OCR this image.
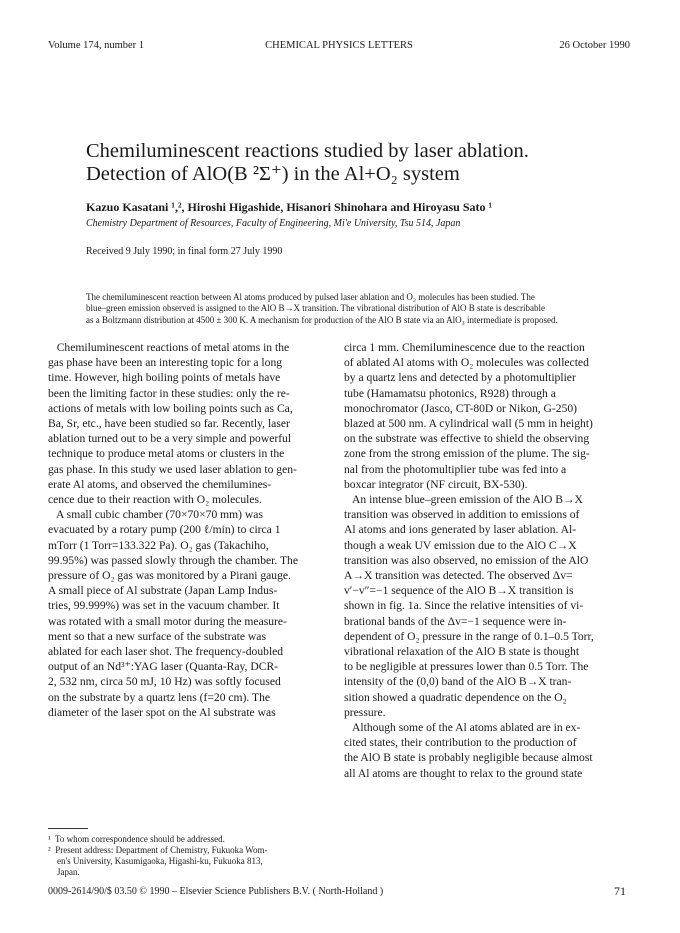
Volume 174, number 1	CHEMICAL PHYSICS LETTERS	26 October 1990
Chemiluminescent reactions studied by laser ablation.
Detection of AlO(B ²Σ⁺) in the Al+O₂ system
Kazuo Kasatani ¹,², Hiroshi Higashide, Hisanori Shinohara and Hiroyasu Sato ¹
Chemistry Department of Resources, Faculty of Engineering, Mi'e University, Tsu 514, Japan
Received 9 July 1990; in final form 27 July 1990
The chemiluminescent reaction between Al atoms produced by pulsed laser ablation and O₂ molecules has been studied. The
blue–green emission observed is assigned to the AlO B→X transition. The vibrational distribution of AlO B state is describable
as a Boltzmann distribution at 4500 ± 300 K. A mechanism for production of the AlO B state via an AlO₃ intermediate is proposed.
Chemiluminescent reactions of metal atoms in the
gas phase have been an interesting topic for a long
time. However, high boiling points of metals have
been the limiting factor in these studies: only the re-
actions of metals with low boiling points such as Ca,
Ba, Sr, etc., have been studied so far. Recently, laser
ablation turned out to be a very simple and powerful
technique to produce metal atoms or clusters in the
gas phase. In this study we used laser ablation to gen-
erate Al atoms, and observed the chemilumines-
cence due to their reaction with O₂ molecules.
A small cubic chamber (70×70×70 mm) was
evacuated by a rotary pump (200 ℓ/min) to circa 1
mTorr (1 Torr=133.322 Pa). O₂ gas (Takachiho,
99.95%) was passed slowly through the chamber. The
pressure of O₂ gas was monitored by a Pirani gauge.
A small piece of Al substrate (Japan Lamp Indus-
tries, 99.999%) was set in the vacuum chamber. It
was rotated with a small motor during the measure-
ment so that a new surface of the substrate was
ablated for each laser shot. The frequency-doubled
output of an Nd³⁺:YAG laser (Quanta-Ray, DCR-
2, 532 nm, circa 50 mJ, 10 Hz) was softly focused
on the substrate by a quartz lens (f=20 cm). The
diameter of the laser spot on the Al substrate was
circa 1 mm. Chemiluminescence due to the reaction
of ablated Al atoms with O₂ molecules was collected
by a quartz lens and detected by a photomultiplier
tube (Hamamatsu photonics, R928) through a
monochromator (Jasco, CT-80D or Nikon, G-250)
blazed at 500 nm. A cylindrical wall (5 mm in height)
on the substrate was effective to shield the observing
zone from the strong emission of the plume. The sig-
nal from the photomultiplier tube was fed into a
boxcar integrator (NF circuit, BX-530).
An intense blue–green emission of the AlO B→X
transition was observed in addition to emissions of
Al atoms and ions generated by laser ablation. Al-
though a weak UV emission due to the AlO C→X
transition was also observed, no emission of the AlO
A→X transition was detected. The observed Δv=
v′−v″=−1 sequence of the AlO B→X transition is
shown in fig. 1a. Since the relative intensities of vi-
brational bands of the Δv=−1 sequence were in-
dependent of O₂ pressure in the range of 0.1–0.5 Torr,
vibrational relaxation of the AlO B state is thought
to be negligible at pressures lower than 0.5 Torr. The
intensity of the (0,0) band of the AlO B→X tran-
sition showed a quadratic dependence on the O₂
pressure.
Although some of the Al atoms ablated are in ex-
cited states, their contribution to the production of
the AlO B state is probably negligible because almost
all Al atoms are thought to relax to the ground state
¹  To whom correspondence should be addressed.
²  Present address: Department of Chemistry, Fukuoka Wom-
en's University, Kasumigaoka, Higashi-ku, Fukuoka 813,
Japan.
0009-2614/90/$ 03.50 © 1990 – Elsevier Science Publishers B.V. ( North-Holland )	71
